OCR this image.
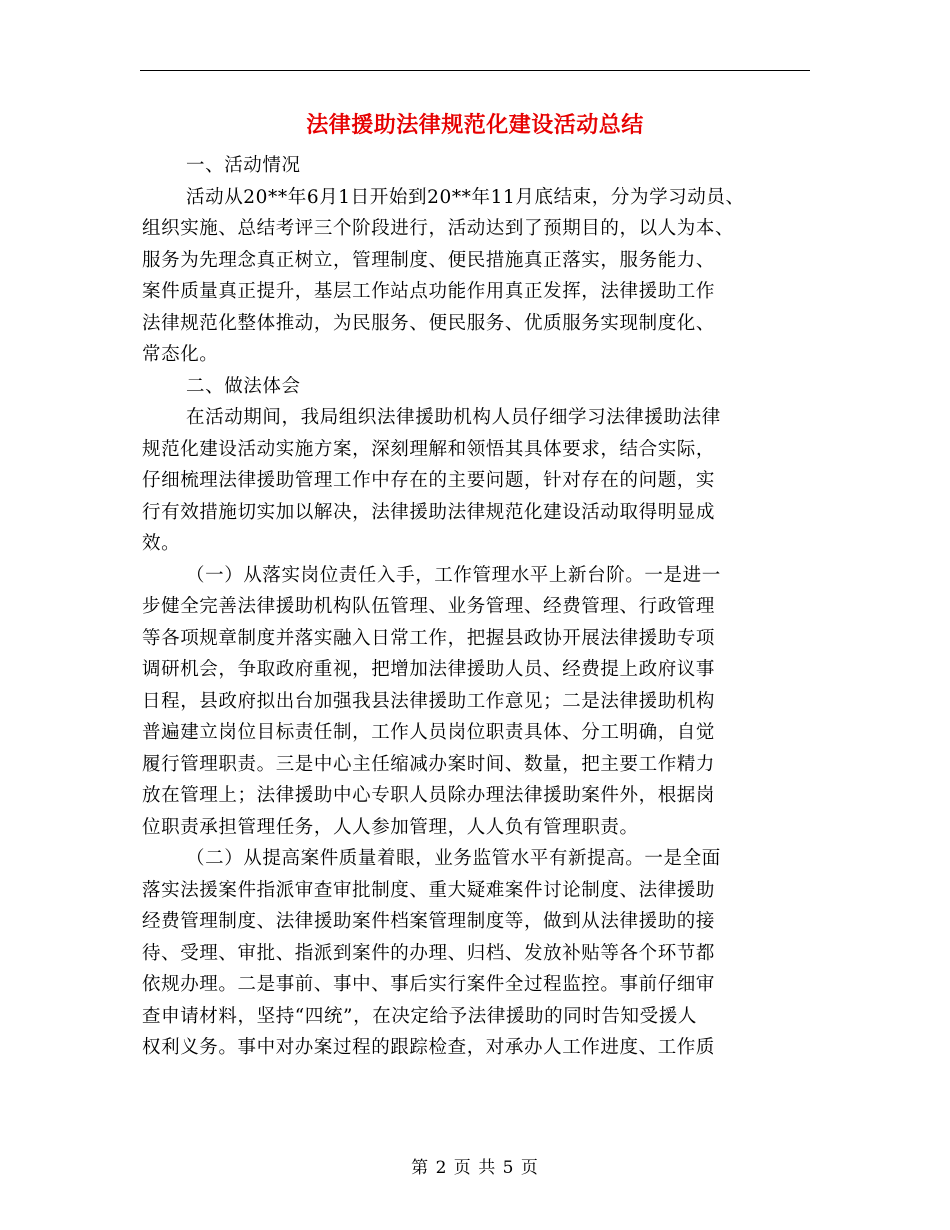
法律援助法律规范化建设活动总结
一、活动情况
活动从20**年6月1日开始到20**年11月底结束，分为学习动员、
组织实施、总结考评三个阶段进行，活动达到了预期目的，以人为本、
服务为先理念真正树立，管理制度、便民措施真正落实，服务能力、
案件质量真正提升，基层工作站点功能作用真正发挥，法律援助工作
法律规范化整体推动，为民服务、便民服务、优质服务实现制度化、
常态化。
二、做法体会
在活动期间，我局组织法律援助机构人员仔细学习法律援助法律
规范化建设活动实施方案，深刻理解和领悟其具体要求，结合实际，
仔细梳理法律援助管理工作中存在的主要问题，针对存在的问题，实
行有效措施切实加以解决，法律援助法律规范化建设活动取得明显成
效。
（一）从落实岗位责任入手，工作管理水平上新台阶。一是进一
步健全完善法律援助机构队伍管理、业务管理、经费管理、行政管理
等各项规章制度并落实融入日常工作，把握县政协开展法律援助专项
调研机会，争取政府重视，把增加法律援助人员、经费提上政府议事
日程，县政府拟出台加强我县法律援助工作意见；二是法律援助机构
普遍建立岗位目标责任制，工作人员岗位职责具体、分工明确，自觉
履行管理职责。三是中心主任缩减办案时间、数量，把主要工作精力
放在管理上；法律援助中心专职人员除办理法律援助案件外，根据岗
位职责承担管理任务，人人参加管理，人人负有管理职责。
（二）从提高案件质量着眼，业务监管水平有新提高。一是全面
落实法援案件指派审查审批制度、重大疑难案件讨论制度、法律援助
经费管理制度、法律援助案件档案管理制度等，做到从法律援助的接
待、受理、审批、指派到案件的办理、归档、发放补贴等各个环节都
依规办理。二是事前、事中、事后实行案件全过程监控。事前仔细审
查申请材料，坚持“四统”，在决定给予法律援助的同时告知受援人
权利义务。事中对办案过程的跟踪检查，对承办人工作进度、工作质
第 2 页 共 5 页
